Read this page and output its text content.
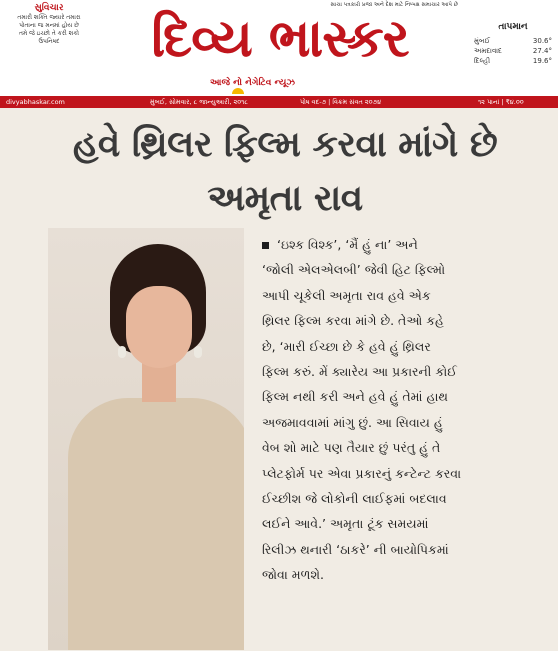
સુવિચાર
તમારી શક્તિ જ્યારે તમારા
પોતાના જ મનમાં હોય છે
તમે જે ઇચ્છો તે કરી શકો
ઉપનિષદ	દિવ્ય ભાસ્કર
સાચા પત્રકારો પ્રજા અને દેશ માટે નિષ્પક્ષ સમાચાર આપે છે
આજે નો નેગેટિવ ન્યૂઝ
તાપમાન
મુંબઈ	30.6°
અમદાવાદ	27.4°
દિલ્હી	19.6°
divyabhaskar.com	મુંબઈ, સોમવાર, ૮ જાન્યુઆરી, ૨૦૧૮	પોષ વદ-૭ | વિક્રમ સંવત ૨૦૭૪	૧૨ પાનાં | ₹૪.૦૦
હવે થ્રિલર ફિલ્મ કરવા માંગે છે
અમૃતા રાવ
‘ઇશ્ક વિશ્ક’, ‘મૈં હું ના’ અને
‘જોલી એલએલબી’ જેવી હિટ ફિલ્મો
આપી ચૂકેલી અમૃતા રાવ હવે એક
થ્રિલર ફિલ્મ કરવા માંગે છે. તેઓ કહે
છે, ‘મારી ઈચ્છા છે કે હવે હું થ્રિલર
ફિલ્મ કરું. મેં ક્યારેય આ પ્રકારની કોઈ
ફિલ્મ નથી કરી અને હવે હું તેમાં હાથ
અજમાવવામાં માંગુ છું. આ સિવાય હું
વેબ શો માટે પણ તૈયાર છું પરંતુ હું તે
પ્લેટફોર્મ પર એવા પ્રકારનું કન્ટેન્ટ કરવા
ઈચ્છીશ જે લોકોની લાઈફમાં બદલાવ
લઈને આવે.’ અમૃતા ટૂંક સમયમાં
રિલીઝ થનારી ‘ઠાકરે’ ની બાયોપિકમાં
જોવા મળશે.
